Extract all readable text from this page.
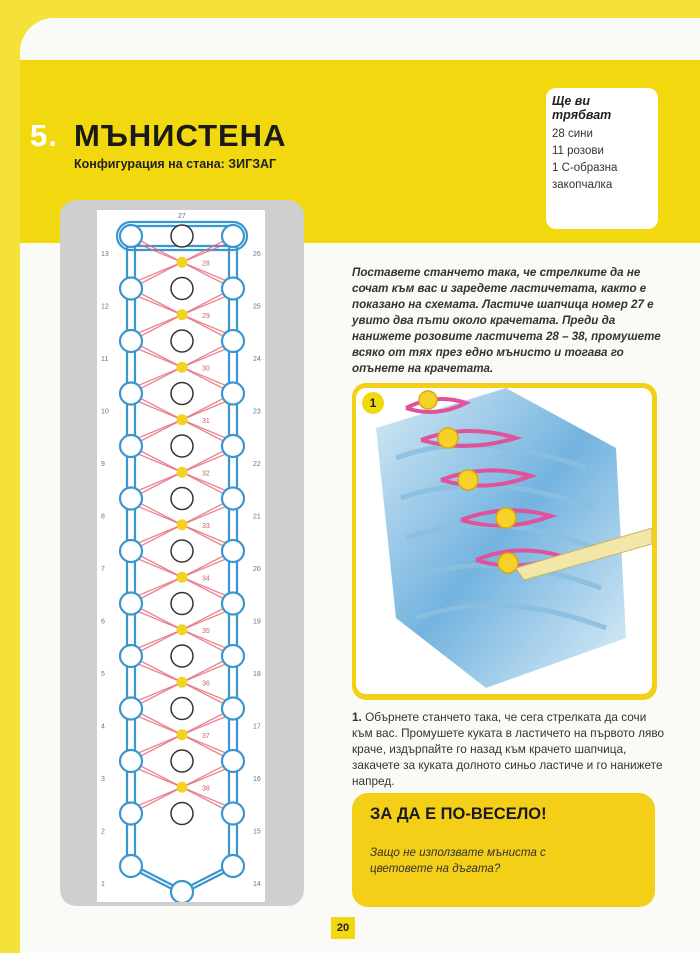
5. МЪНИСТЕНА
Конфигурация на стана: ЗИГЗАГ
Ще ви трябват
28 сини
11 розови
1 С-образна
закопчалка
28
29
30
31
32
33
34
35
36
37
38
13	26
12	25
11	24
10	23
9	22
8	21
7	20
6	19
5	18
4	17
3	16
2	15
1	14
27
Поставете станчето така, че стрелките да не сочат към вас и заредете ластичетата, както е показано на схемата. Ластиче шапчица номер 27 е увито два пъти около крачетата. Преди да нанижете розовите ластичета 28 – 38, промушете всяко от тях през едно мънисто и тогава го опънете на крачетата.
1
1. Обърнете станчето така, че сега стрелката да сочи към вас. Промушете куката в ластичето на първото ляво краче, издърпайте го назад към крачето шапчица, закачете за куката долното синьо ластиче и го нанижете напред.
ЗА ДА Е ПО-ВЕСЕЛО!

Защо не използвате мъниста с цветовете на дъгата?

20
